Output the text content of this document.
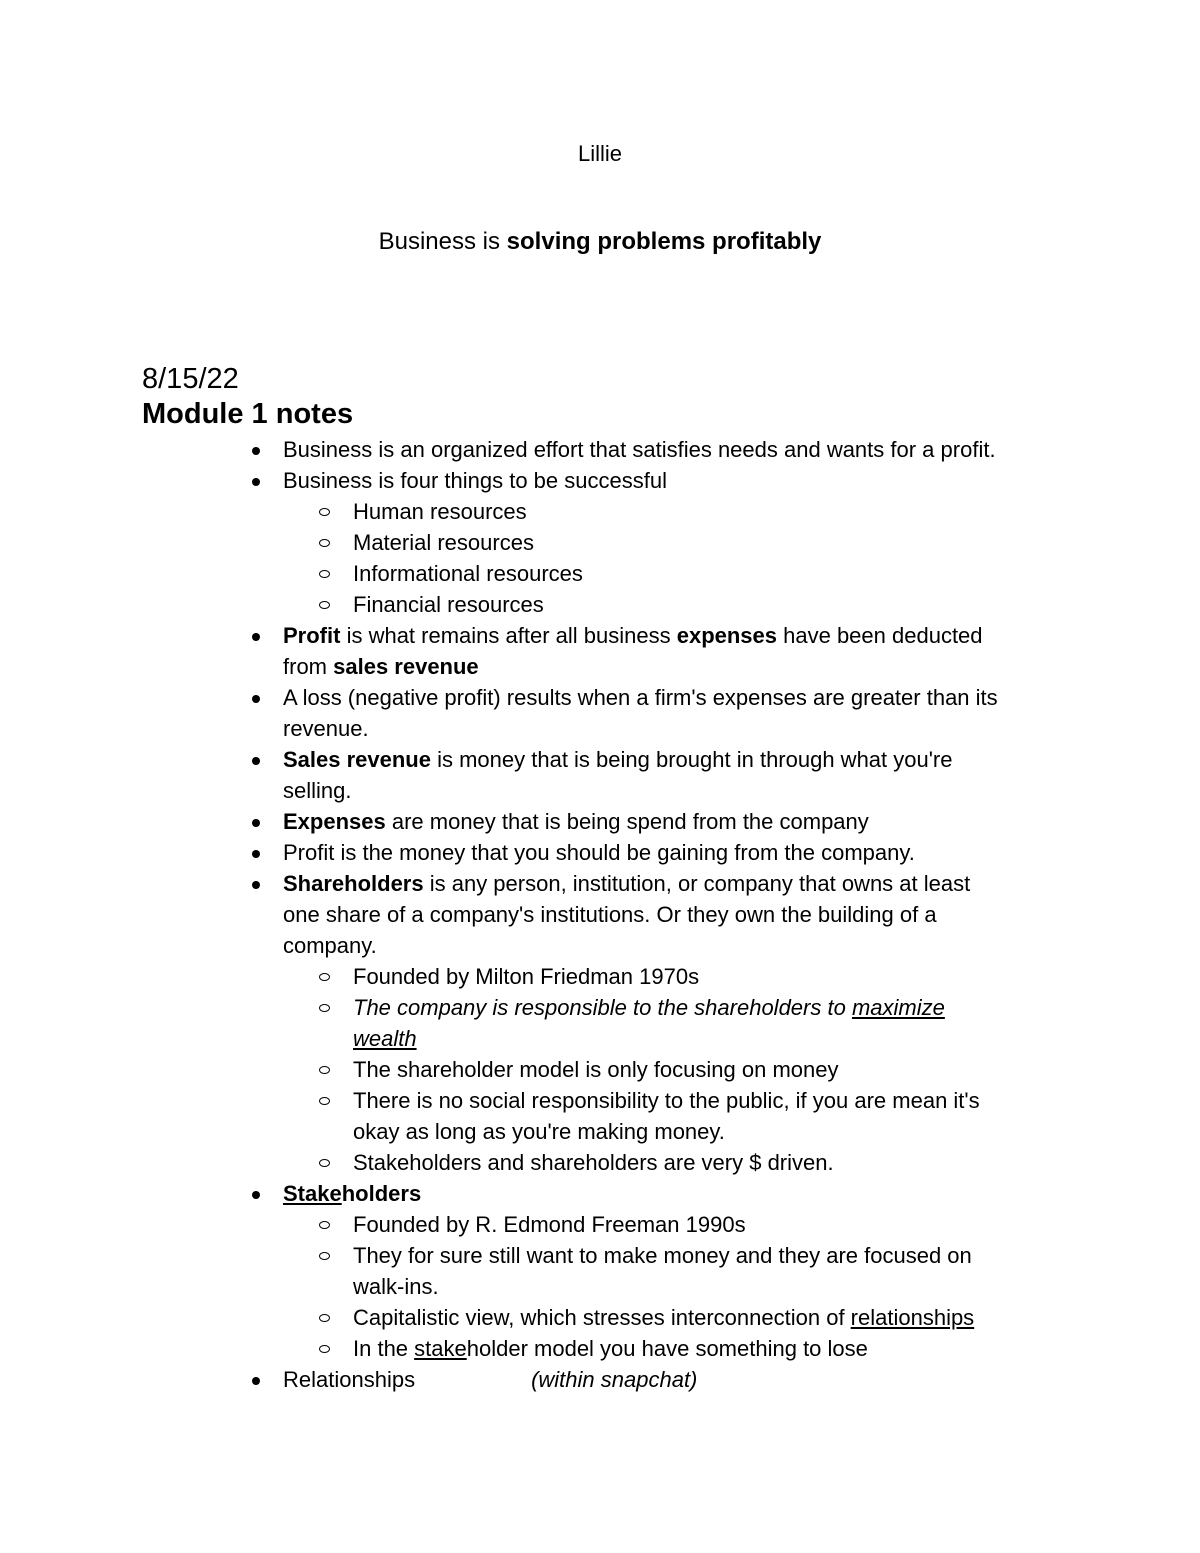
Lillie
Business is solving problems profitably
8/15/22
Module 1 notes
Business is an organized effort that satisfies needs and wants for a profit.
Business is four things to be successful
Human resources
Material resources
Informational resources
Financial resources
Profit is what remains after all business expenses have been deducted
from sales revenue
A loss (negative profit) results when a firm's expenses are greater than its
revenue.
Sales revenue is money that is being brought in through what you're
selling.
Expenses are money that is being spend from the company
Profit is the money that you should be gaining from the company.
Shareholders is any person, institution, or company that owns at least
one share of a company's institutions. Or they own the building of a
company.
Founded by Milton Friedman 1970s
The company is responsible to the shareholders to maximize
wealth
The shareholder model is only focusing on money
There is no social responsibility to the public, if you are mean it's
okay as long as you're making money.
Stakeholders and shareholders are very $ driven.
Stakeholders
Founded by R. Edmond Freeman 1990s
They for sure still want to make money and they are focused on
walk-ins.
Capitalistic view, which stresses interconnection of relationships
In the stakeholder model you have something to lose
Relationships	(within snapchat)
